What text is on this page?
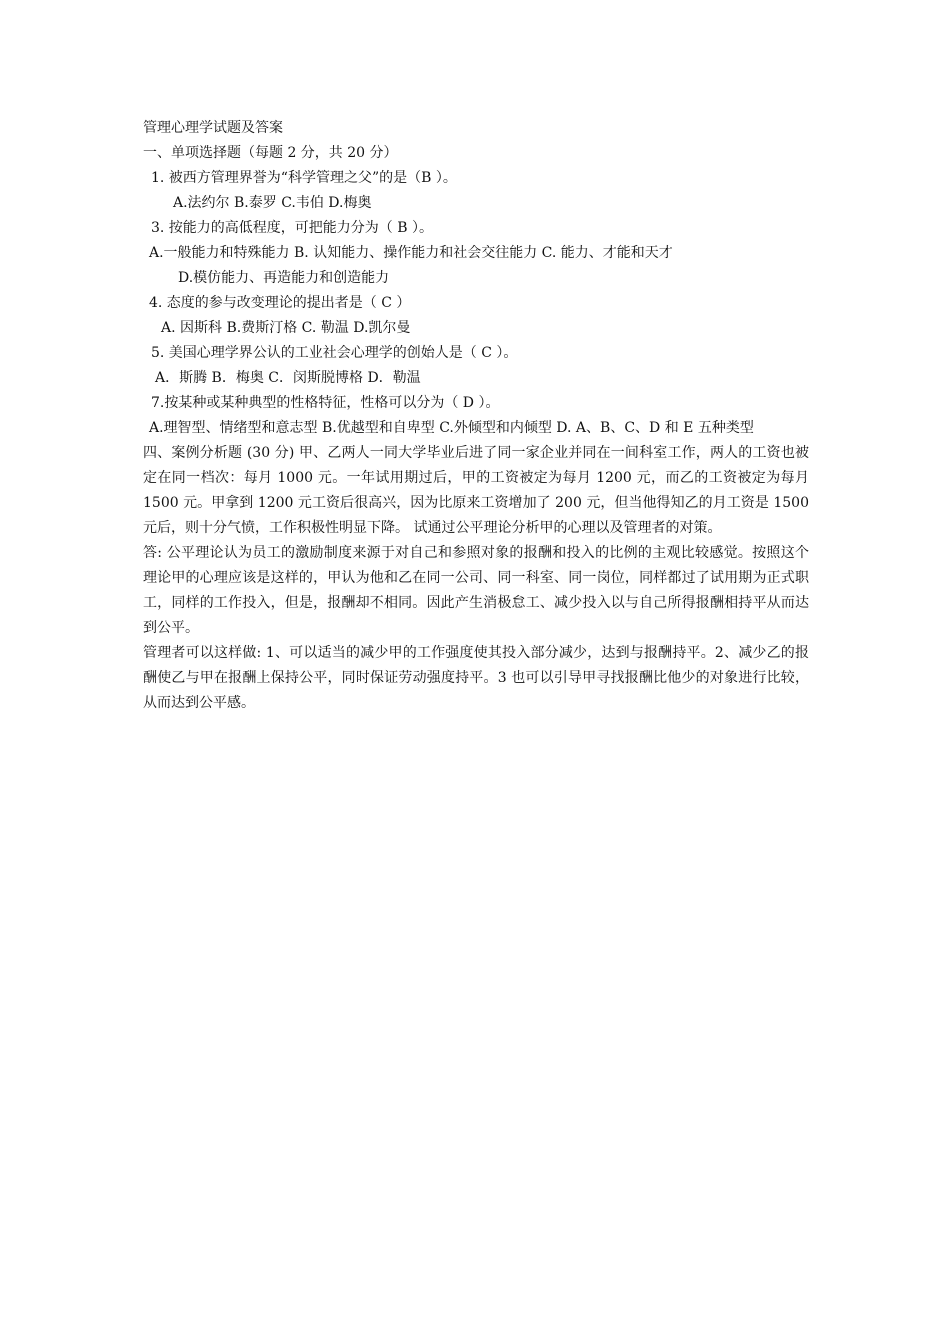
管理心理学试题及答案

一、单项选择题（每题 2 分，共 20 分）

1. 被西方管理界誉为“科学管理之父”的是（B ）。

A.法约尔 B.泰罗 C.韦伯 D.梅奥

3. 按能力的高低程度，可把能力分为（ B ）。

A.一般能力和特殊能力 B. 认知能力、操作能力和社会交往能力 C. 能力、才能和天才

D.模仿能力、再造能力和创造能力

4. 态度的参与改变理论的提出者是（ C ）

A. 因斯科 B.费斯汀格 C. 勒温 D.凯尔曼

5. 美国心理学界公认的工业社会心理学的创始人是（ C ）。

A．斯腾 B．梅奥 C．闵斯脱博格 D．勒温

7.按某种或某种典型的性格特征，性格可以分为（ D ）。

A.理智型、情绪型和意志型 B.优越型和自卑型 C.外倾型和内倾型 D. A、B、C、D 和 E 五种类型

四、案例分析题 (30 分) 甲、乙两人一同大学毕业后进了同一家企业并同在一间科室工作，两人的工资也被定在同一档次：每月 1000 元。一年试用期过后，甲的工资被定为每月 1200 元，而乙的工资被定为每月 1500 元。甲拿到 1200 元工资后很高兴，因为比原来工资增加了 200 元，但当他得知乙的月工资是 1500 元后，则十分气愤，工作积极性明显下降。 试通过公平理论分析甲的心理以及管理者的对策。

答: 公平理论认为员工的激励制度来源于对自己和参照对象的报酬和投入的比例的主观比较感觉。按照这个理论甲的心理应该是这样的，甲认为他和乙在同一公司、同一科室、同一岗位，同样都过了试用期为正式职工，同样的工作投入，但是，报酬却不相同。因此产生消极怠工、减少投入以与自己所得报酬相持平从而达到公平。

管理者可以这样做: 1、可以适当的减少甲的工作强度使其投入部分减少，达到与报酬持平。2、减少乙的报酬使乙与甲在报酬上保持公平，同时保证劳动强度持平。3 也可以引导甲寻找报酬比他少的对象进行比较，从而达到公平感。
